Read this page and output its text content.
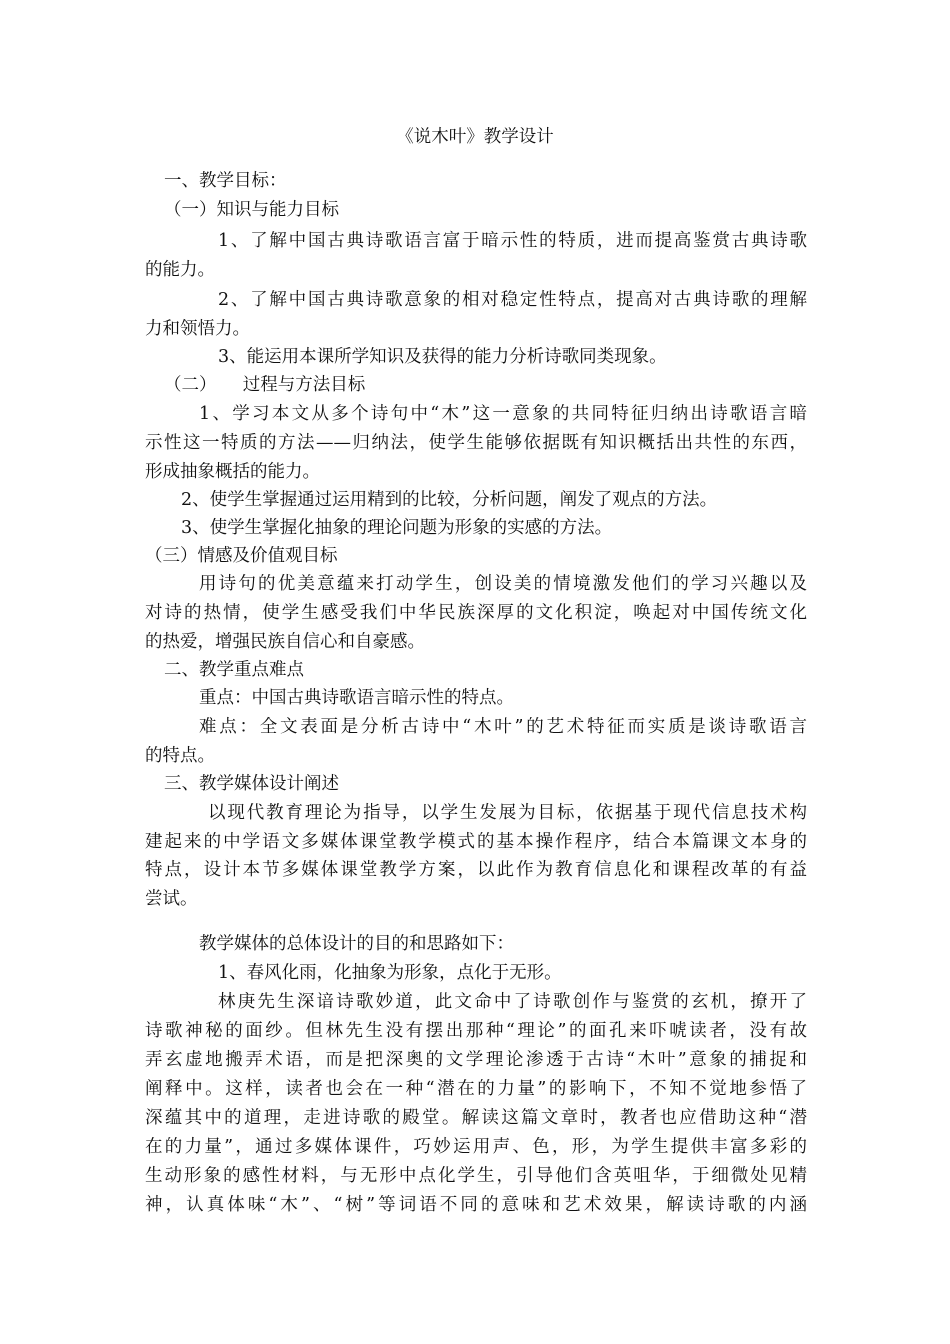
《说木叶》教学设计
一、教学目标：
（一）知识与能力目标
1、了解中国古典诗歌语言富于暗示性的特质，进而提高鉴赏古典诗歌
的能力。
2、了解中国古典诗歌意象的相对稳定性特点，提高对古典诗歌的理解
力和领悟力。
3、能运用本课所学知识及获得的能力分析诗歌同类现象。
（二）　　过程与方法目标
1、学习本文从多个诗句中“木”这一意象的共同特征归纳出诗歌语言暗
示性这一特质的方法——归纳法，使学生能够依据既有知识概括出共性的东西，
形成抽象概括的能力。
2、使学生掌握通过运用精到的比较，分析问题，阐发了观点的方法。
3、使学生掌握化抽象的理论问题为形象的实感的方法。
（三）情感及价值观目标
用诗句的优美意蕴来打动学生，创设美的情境激发他们的学习兴趣以及
对诗的热情，使学生感受我们中华民族深厚的文化积淀，唤起对中国传统文化
的热爱，增强民族自信心和自豪感。
二、教学重点难点
重点：中国古典诗歌语言暗示性的特点。
难点：全文表面是分析古诗中“木叶”的艺术特征而实质是谈诗歌语言
的特点。
三、教学媒体设计阐述
以现代教育理论为指导，以学生发展为目标，依据基于现代信息技术构
建起来的中学语文多媒体课堂教学模式的基本操作程序，结合本篇课文本身的
特点，设计本节多媒体课堂教学方案，以此作为教育信息化和课程改革的有益
尝试。
教学媒体的总体设计的目的和思路如下：
1、春风化雨，化抽象为形象，点化于无形。
林庚先生深谙诗歌妙道，此文命中了诗歌创作与鉴赏的玄机，撩开了
诗歌神秘的面纱。但林先生没有摆出那种“理论”的面孔来吓唬读者，没有故
弄玄虚地搬弄术语，而是把深奥的文学理论渗透于古诗“木叶”意象的捕捉和
阐释中。这样，读者也会在一种“潜在的力量”的影响下，不知不觉地参悟了
深蕴其中的道理，走进诗歌的殿堂。解读这篇文章时，教者也应借助这种“潜
在的力量”，通过多媒体课件，巧妙运用声、色，形，为学生提供丰富多彩的
生动形象的感性材料，与无形中点化学生，引导他们含英咀华，于细微处见精
神，认真体味“木”、“树”等词语不同的意味和艺术效果，解读诗歌的内涵
